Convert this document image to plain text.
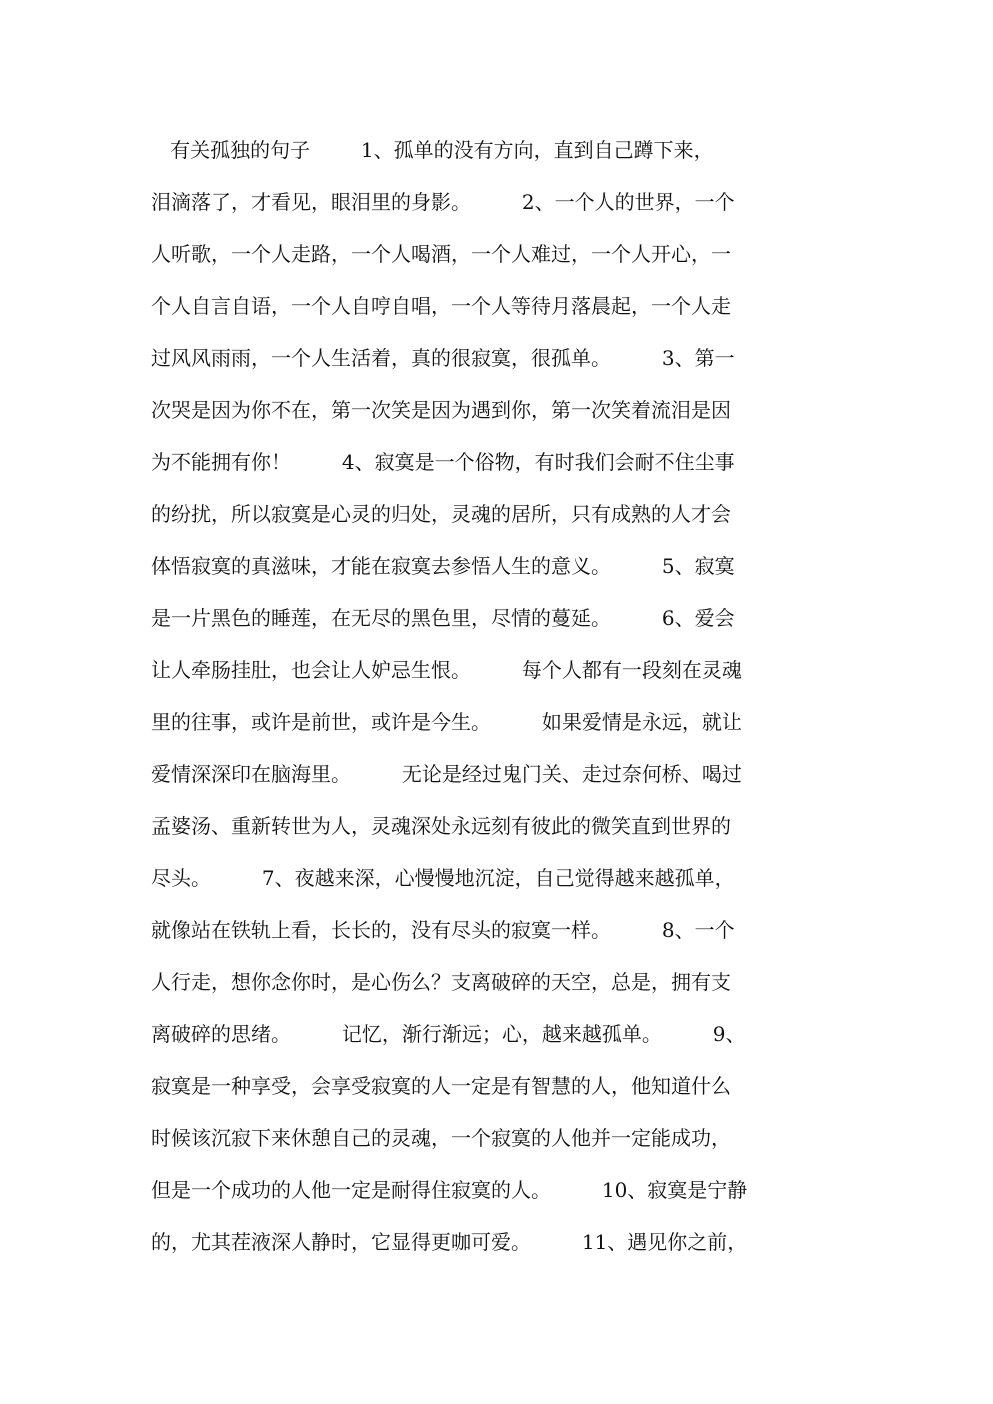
有关孤独的句子        1、孤单的没有方向，直到自己蹲下来，
泪滴落了，才看见，眼泪里的身影。        2、一个人的世界，一个
人听歌，一个人走路，一个人喝酒，一个人难过，一个人开心，一
个人自言自语，一个人自哼自唱，一个人等待月落晨起，一个人走
过风风雨雨，一个人生活着，真的很寂寞，很孤单。        3、第一
次哭是因为你不在，第一次笑是因为遇到你，第一次笑着流泪是因
为不能拥有你！        4、寂寞是一个俗物，有时我们会耐不住尘事
的纷扰，所以寂寞是心灵的归处，灵魂的居所，只有成熟的人才会
体悟寂寞的真滋味，才能在寂寞去参悟人生的意义。        5、寂寞
是一片黑色的睡莲，在无尽的黑色里，尽情的蔓延。        6、爱会
让人牵肠挂肚，也会让人妒忌生恨。        每个人都有一段刻在灵魂
里的往事，或许是前世，或许是今生。        如果爱情是永远，就让
爱情深深印在脑海里。        无论是经过鬼门关、走过奈何桥、喝过
孟婆汤、重新转世为人，灵魂深处永远刻有彼此的微笑直到世界的
尽头。        7、夜越来深，心慢慢地沉淀，自己觉得越来越孤单，
就像站在铁轨上看，长长的，没有尽头的寂寞一样。        8、一个
人行走，想你念你时，是心伤么？支离破碎的天空，总是，拥有支
离破碎的思绪。        记忆，渐行渐远；心，越来越孤单。        9、
寂寞是一种享受，会享受寂寞的人一定是有智慧的人，他知道什么
时候该沉寂下来休憩自己的灵魂，一个寂寞的人他并一定能成功，
但是一个成功的人他一定是耐得住寂寞的人。        10、寂寞是宁静
的，尤其茬液深人静时，它显得更咖可爱。        11、遇见你之前，
